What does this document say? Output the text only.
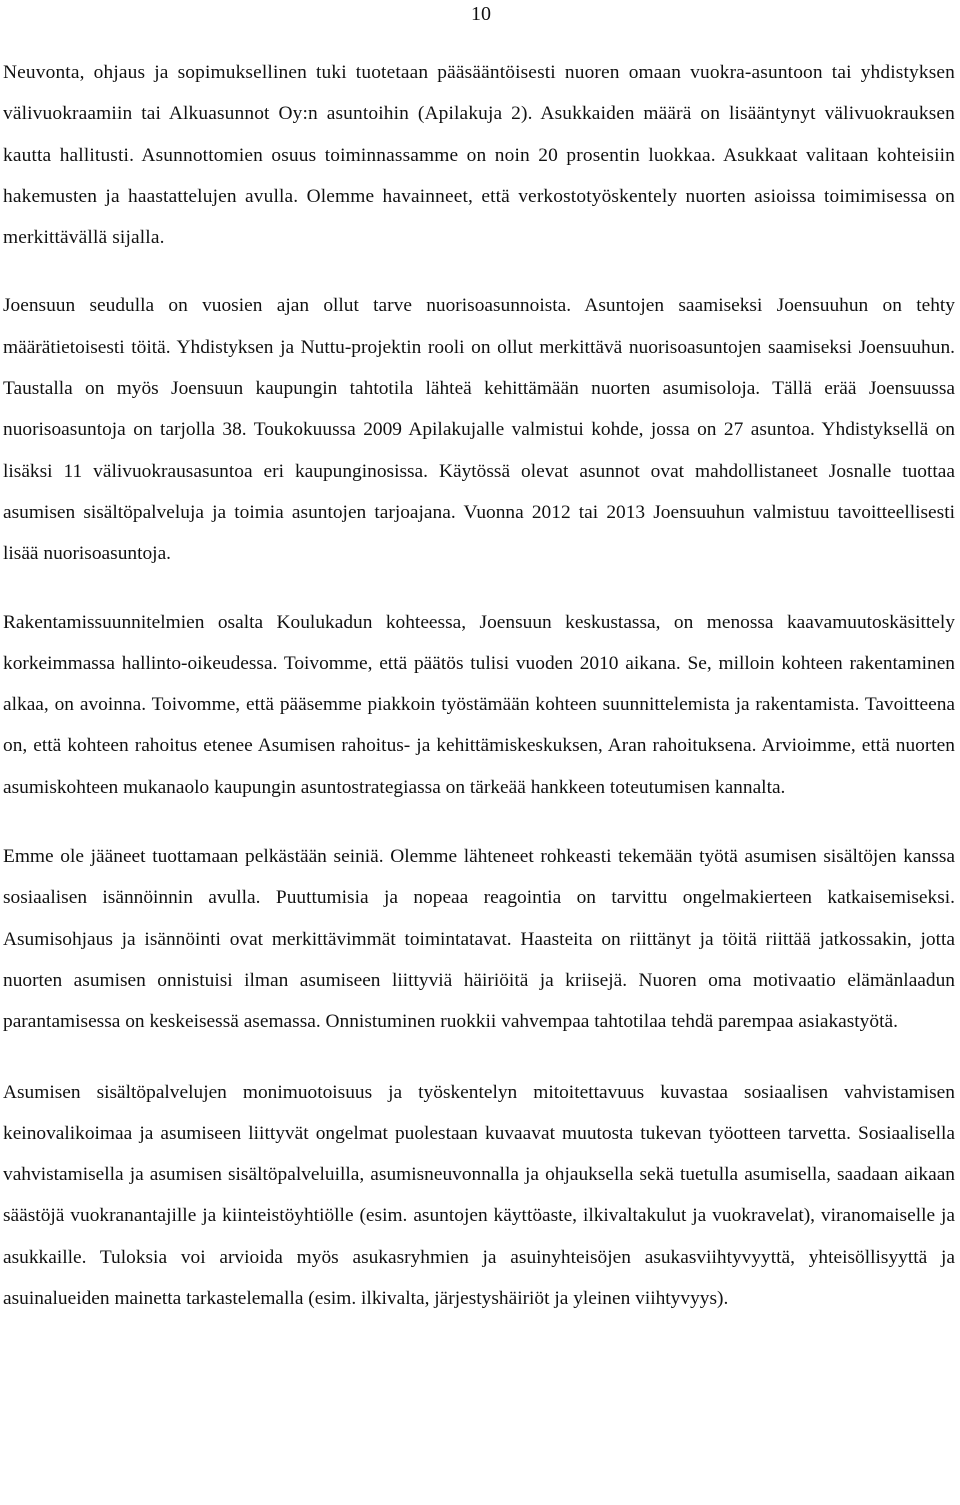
10

Neuvonta, ohjaus ja sopimuksellinen tuki tuotetaan pääsääntöisesti nuoren omaan vuokra-asuntoon tai yhdistyksen välivuokraamiin tai Alkuasunnot Oy:n asuntoihin (Apilakuja 2). Asukkaiden määrä on lisääntynyt välivuokrauksen kautta hallitusti. Asunnottomien osuus toiminnassamme on noin 20 prosentin luokkaa. Asukkaat valitaan kohteisiin hakemusten ja haastattelujen avulla. Olemme havainneet, että verkostotyöskentely nuorten asioissa toimimisessa on merkittävällä sijalla.

Joensuun seudulla on vuosien ajan ollut tarve nuorisoasunnoista. Asuntojen saamiseksi Joensuuhun on tehty määrätietoisesti töitä. Yhdistyksen ja Nuttu-projektin rooli on ollut merkittävä nuorisoasuntojen saamiseksi Joensuuhun. Taustalla on myös Joensuun kaupungin tahtotila lähteä kehittämään nuorten asumisoloja. Tällä erää Joensuussa nuorisoasuntoja on tarjolla 38. Toukokuussa 2009 Apilakujalle valmistui kohde, jossa on 27 asuntoa. Yhdistyksellä on lisäksi 11 välivuokrausasuntoa eri kaupunginosissa. Käytössä olevat asunnot ovat mahdollistaneet Josnalle tuottaa asumisen sisältöpalveluja ja toimia asuntojen tarjoajana. Vuonna 2012 tai 2013 Joensuuhun valmistuu tavoitteellisesti lisää nuorisoasuntoja.

Rakentamissuunnitelmien osalta Koulukadun kohteessa, Joensuun keskustassa, on menossa kaavamuutoskäsittely korkeimmassa hallinto-oikeudessa. Toivomme, että päätös tulisi vuoden 2010 aikana. Se, milloin kohteen rakentaminen alkaa, on avoinna. Toivomme, että pääsemme piakkoin työstämään kohteen suunnittelemista ja rakentamista. Tavoitteena on, että kohteen rahoitus etenee Asumisen rahoitus- ja kehittämiskeskuksen, Aran rahoituksena. Arvioimme, että nuorten asumiskohteen mukanaolo kaupungin asuntostrategiassa on tärkeää hankkeen toteutumisen kannalta.

Emme ole jääneet tuottamaan pelkästään seiniä. Olemme lähteneet rohkeasti tekemään työtä asumisen sisältöjen kanssa sosiaalisen isännöinnin avulla. Puuttumisia ja nopeaa reagointia on tarvittu ongelmakierteen katkaisemiseksi. Asumisohjaus ja isännöinti ovat merkittävimmät toimintatavat. Haasteita on riittänyt ja töitä riittää jatkossakin, jotta nuorten asumisen onnistuisi ilman asumiseen liittyviä häiriöitä ja kriisejä. Nuoren oma motivaatio elämänlaadun parantamisessa on keskeisessä asemassa. Onnistuminen ruokkii vahvempaa tahtotilaa tehdä parempaa asiakastyötä.

Asumisen sisältöpalvelujen monimuotoisuus ja työskentelyn mitoitettavuus kuvastaa sosiaalisen vahvistamisen keinovalikoimaa ja asumiseen liittyvät ongelmat puolestaan kuvaavat muutosta tukevan työotteen tarvetta. Sosiaalisella vahvistamisella ja asumisen sisältöpalveluilla, asumisneuvonnalla ja ohjauksella sekä tuetulla asumisella, saadaan aikaan säästöjä vuokranantajille ja kiinteistöyhtiölle (esim. asuntojen käyttöaste, ilkivaltakulut ja vuokravelat), viranomaiselle ja asukkaille. Tuloksia voi arvioida myös asukasryhmien ja asuinyhteisöjen asukasviihtyvyyttä, yhteisöllisyyttä ja asuinalueiden mainetta tarkastelemalla (esim. ilkivalta, järjestyshäiriöt ja yleinen viihtyvyys).
